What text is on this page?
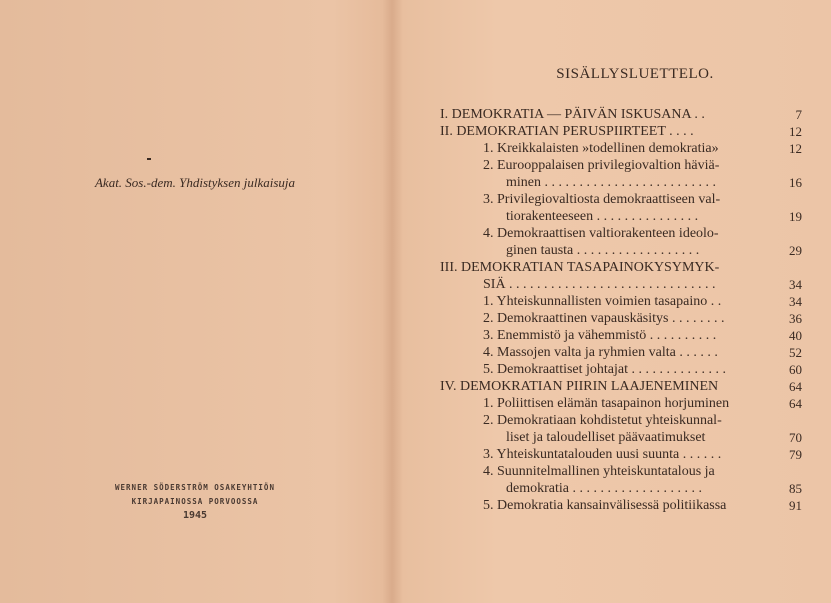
Akat. Sos.-dem. Yhdistyksen julkaisuja
WERNER SÖDERSTRÖM OSAKEYHTIÖN
KIRJAPAINOSSA PORVOOSSA
1945
SISÄLLYSLUETTELO.
I. DEMOKRATIA — PÄIVÄN ISKUSANA . .	7
II. DEMOKRATIAN PERUSPIIRTEET . . . .	12
1. Kreikkalaisten »todellinen demokratia»	12
2. Eurooppalaisen privilegiovaltion häviä-
minen . . . . . . . . . . . . . . . . . . . . . . . . .	16
3. Privilegiovaltiosta demokraattiseen val-
tiorakenteeseen . . . . . . . . . . . . . . .	19
4. Demokraattisen valtiorakenteen ideolo-
ginen tausta . . . . . . . . . . . . . . . . . .	29
III. DEMOKRATIAN TASAPAINOKYSYMYK-
SIÄ . . . . . . . . . . . . . . . . . . . . . . . . . . . . . .	34
1. Yhteiskunnallisten voimien tasapaino . .	34
2. Demokraattinen vapauskäsitys . . . . . . . .	36
3. Enemmistö ja vähemmistö . . . . . . . . . .	40
4. Massojen valta ja ryhmien valta . . . . . .	52
5. Demokraattiset johtajat . . . . . . . . . . . . . .	60
IV. DEMOKRATIAN PIIRIN LAAJENEMINEN	64
1. Poliittisen elämän tasapainon horjuminen	64
2. Demokratiaan kohdistetut yhteiskunnal-
liset ja taloudelliset päävaatimukset	70
3. Yhteiskuntatalouden uusi suunta . . . . . .	79
4. Suunnitelmallinen yhteiskuntatalous ja
demokratia . . . . . . . . . . . . . . . . . . .	85
5. Demokratia kansainvälisessä politiikassa	91
